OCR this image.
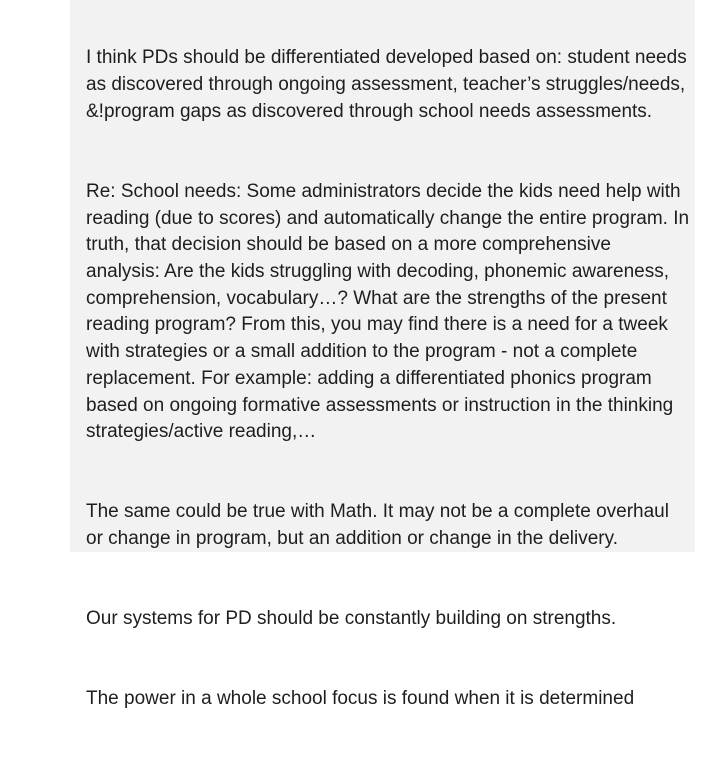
I think PDs should be differentiated developed based on: student needs as discovered through ongoing assessment, teacher’s struggles/needs, &!program gaps as discovered through school needs assessments.

Re: School needs: Some administrators decide the kids need help with reading (due to scores) and automatically change the entire program. In truth, that decision should be based on a more comprehensive analysis: Are the kids struggling with decoding, phonemic awareness, comprehension, vocabulary…? What are the strengths of the present reading program? From this, you may find there is a need for a tweek with strategies or a small addition to the program - not a complete replacement. For example: adding a differentiated phonics program based on ongoing formative assessments or instruction in the thinking strategies/active reading,…

The same could be true with Math. It may not be a complete overhaul or change in program, but an addition or change in the delivery.

Our systems for PD should be constantly building on strengths.

The power in a whole school focus is found when it is determined
